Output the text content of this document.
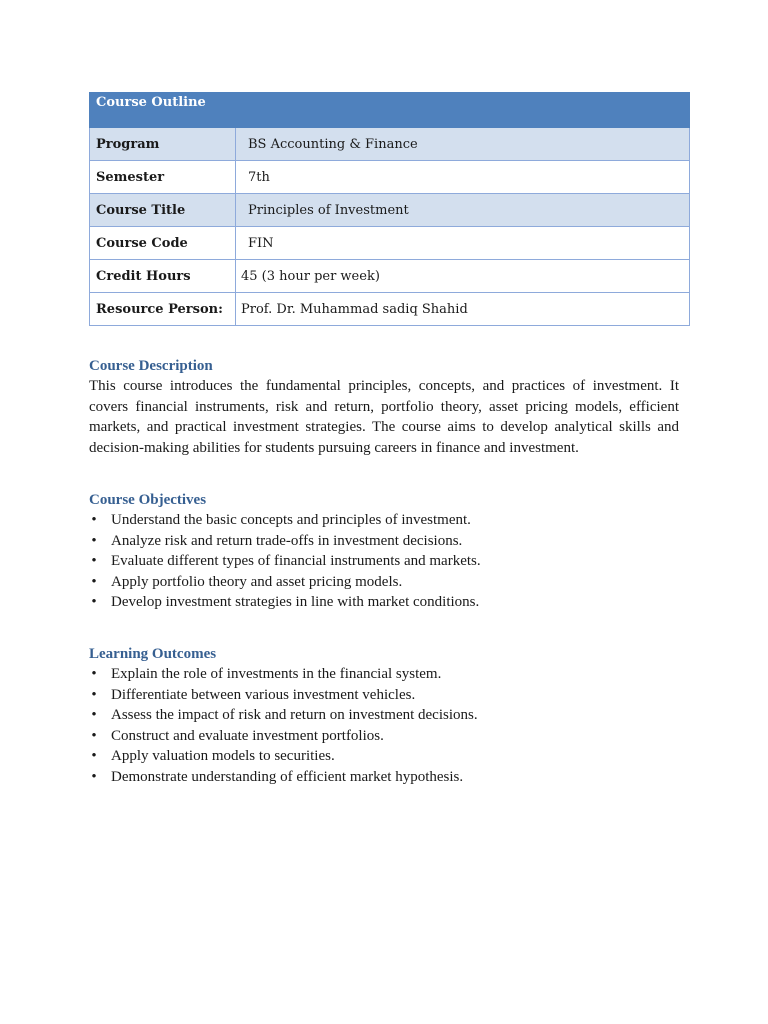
Course Outline	
Program	BS Accounting & Finance
Semester	7th
Course Title	Principles of Investment
Course Code	FIN
Credit Hours	45 (3 hour per week)
Resource Person:	Prof. Dr. Muhammad sadiq Shahid
Course Description

This course introduces the fundamental principles, concepts, and practices of investment. It covers financial instruments, risk and return, portfolio theory, asset pricing models, efficient markets, and practical investment strategies. The course aims to develop analytical skills and decision-making abilities for students pursuing careers in finance and investment.

Course Objectives
• Understand the basic concepts and principles of investment.
• Analyze risk and return trade-offs in investment decisions.
• Evaluate different types of financial instruments and markets.
• Apply portfolio theory and asset pricing models.
• Develop investment strategies in line with market conditions.
Learning Outcomes
• Explain the role of investments in the financial system.
• Differentiate between various investment vehicles.
• Assess the impact of risk and return on investment decisions.
• Construct and evaluate investment portfolios.
• Apply valuation models to securities.
• Demonstrate understanding of efficient market hypothesis.
